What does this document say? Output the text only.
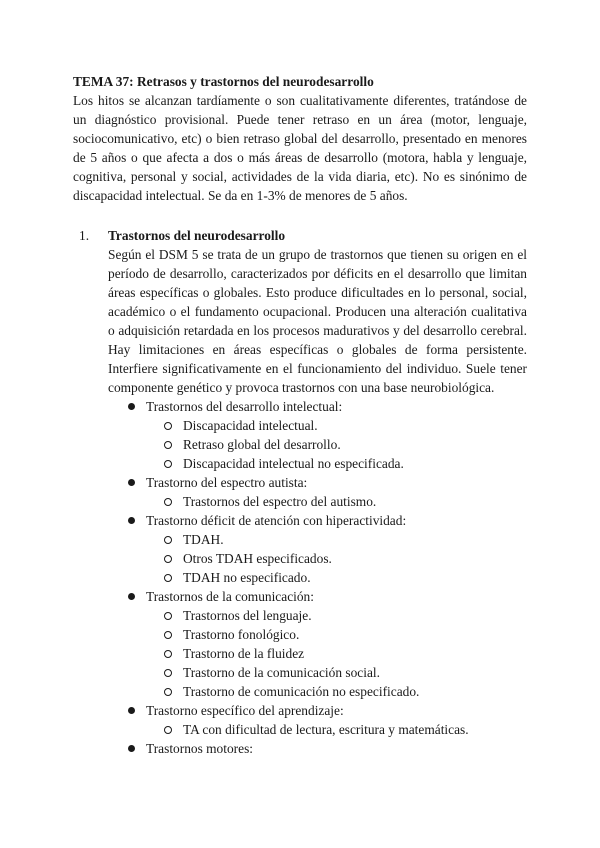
TEMA 37: Retrasos y trastornos del neurodesarrollo

Los hitos se alcanzan tardíamente o son cualitativamente diferentes, tratándose de un diagnóstico provisional. Puede tener retraso en un área (motor, lenguaje, sociocomunicativo, etc) o bien retraso global del desarrollo, presentado en menores de 5 años o que afecta a dos o más áreas de desarrollo (motora, habla y lenguaje, cognitiva, personal y social, actividades de la vida diaria, etc). No es sinónimo de discapacidad intelectual. Se da en 1-3% de menores de 5 años.

1. Trastornos del neurodesarrollo

Según el DSM 5 se trata de un grupo de trastornos que tienen su origen en el período de desarrollo, caracterizados por déficits en el desarrollo que limitan áreas específicas o globales. Esto produce dificultades en lo personal, social, académico o el fundamento ocupacional. Producen una alteración cualitativa o adquisición retardada en los procesos madurativos y del desarrollo cerebral. Hay limitaciones en áreas específicas o globales de forma persistente. Interfiere significativamente en el funcionamiento del individuo. Suele tener componente genético y provoca trastornos con una base neurobiológica.

Trastornos del desarrollo intelectual:
Discapacidad intelectual.
Retraso global del desarrollo.
Discapacidad intelectual no especificada.
Trastorno del espectro autista:
Trastornos del espectro del autismo.
Trastorno déficit de atención con hiperactividad:
TDAH.
Otros TDAH especificados.
TDAH no especificado.
Trastornos de la comunicación:
Trastornos del lenguaje.
Trastorno fonológico.
Trastorno de la fluidez
Trastorno de la comunicación social.
Trastorno de comunicación no especificado.
Trastorno específico del aprendizaje:
TA con dificultad de lectura, escritura y matemáticas.
Trastornos motores:
